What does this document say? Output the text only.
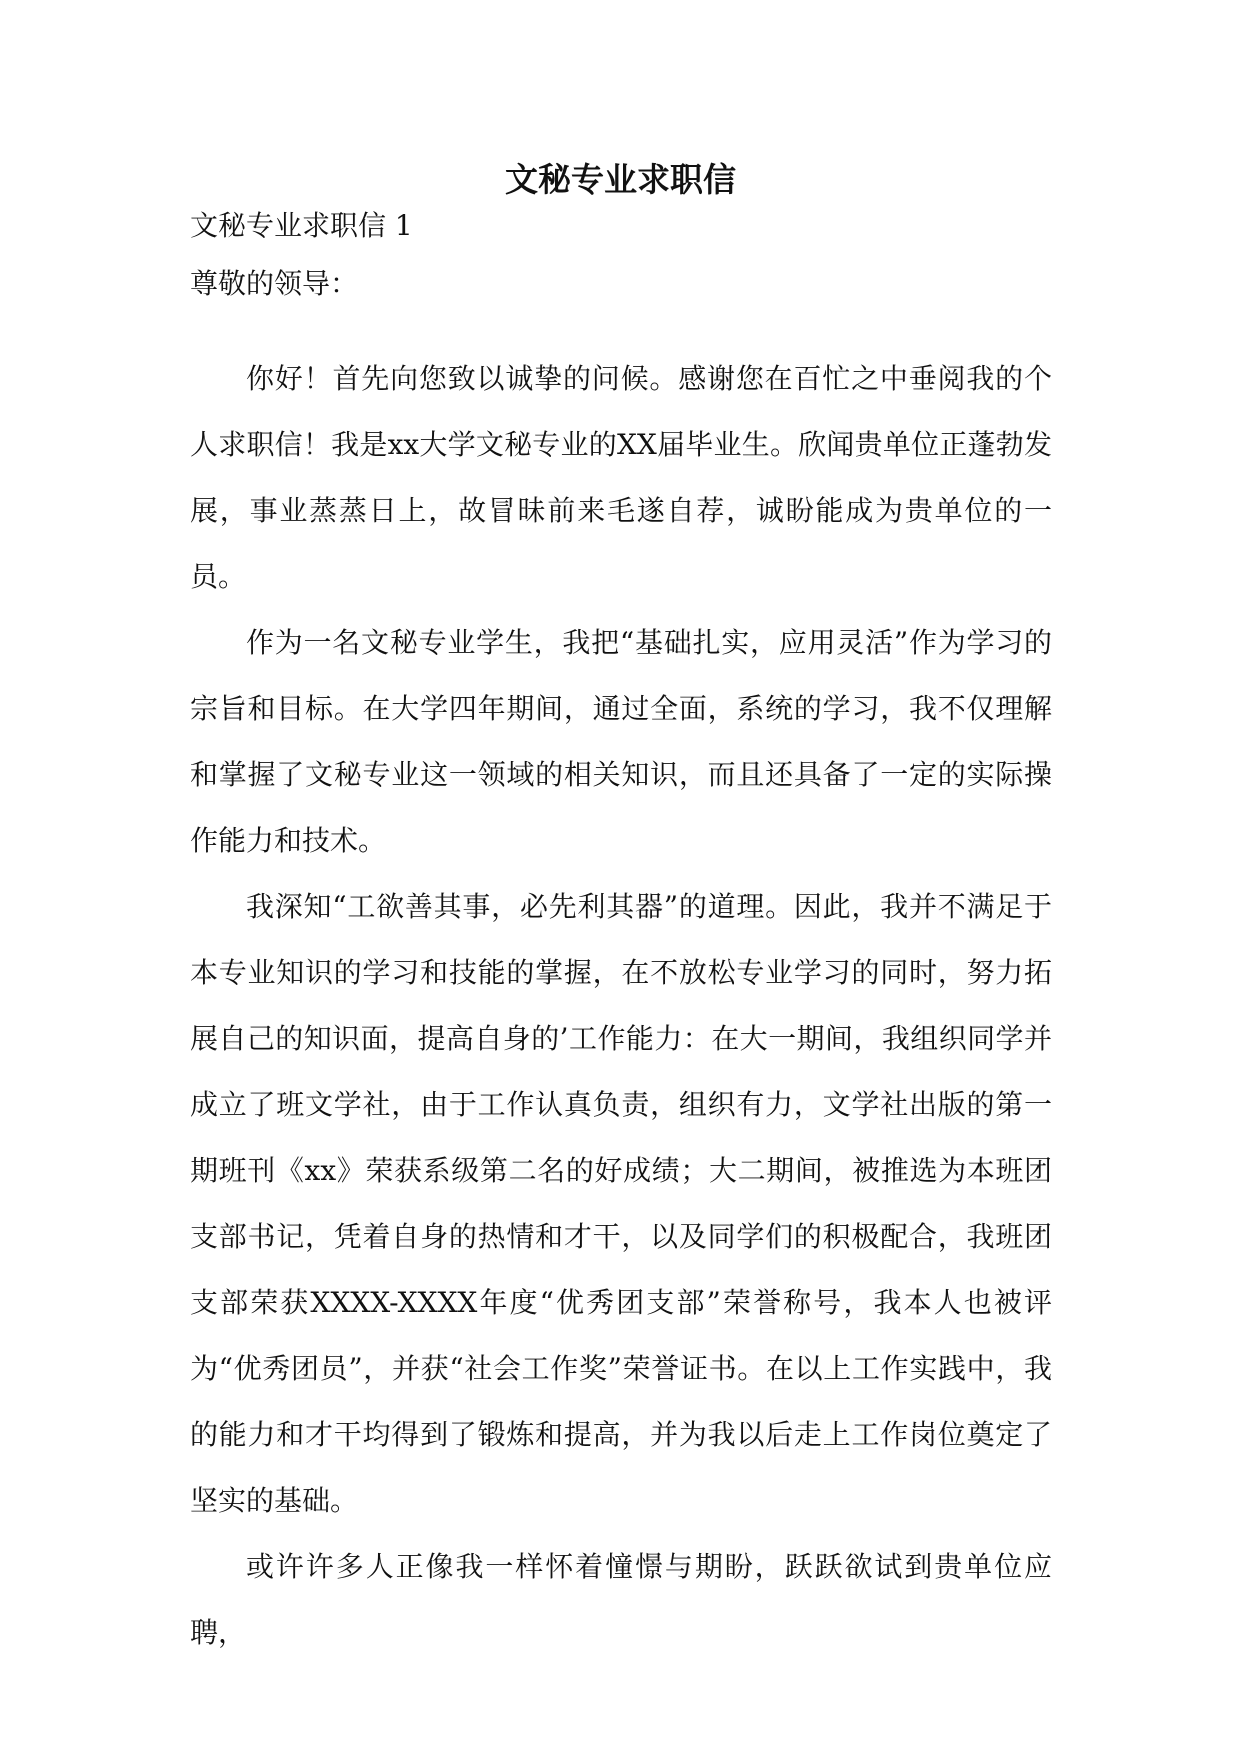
文秘专业求职信

文秘专业求职信 1

尊敬的领导：

你好！首先向您致以诚挚的问候。感谢您在百忙之中垂阅我的个人求职信！我是xx大学文秘专业的XX届毕业生。欣闻贵单位正蓬勃发展，事业蒸蒸日上，故冒昧前来毛遂自荐，诚盼能成为贵单位的一员。

作为一名文秘专业学生，我把“基础扎实，应用灵活”作为学习的宗旨和目标。在大学四年期间，通过全面，系统的学习，我不仅理解和掌握了文秘专业这一领域的相关知识，而且还具备了一定的实际操作能力和技术。

我深知“工欲善其事，必先利其器”的道理。因此，我并不满足于本专业知识的学习和技能的掌握，在不放松专业学习的同时，努力拓展自己的知识面，提高自身的’工作能力：在大一期间，我组织同学并成立了班文学社，由于工作认真负责，组织有力，文学社出版的第一期班刊《xx》荣获系级第二名的好成绩；大二期间，被推选为本班团支部书记，凭着自身的热情和才干，以及同学们的积极配合，我班团支部荣获XXXX-XXXX年度“优秀团支部”荣誉称号，我本人也被评为“优秀团员”，并获“社会工作奖”荣誉证书。在以上工作实践中，我的能力和才干均得到了锻炼和提高，并为我以后走上工作岗位奠定了坚实的基础。

或许许多人正像我一样怀着憧憬与期盼，跃跃欲试到贵单位应聘，
